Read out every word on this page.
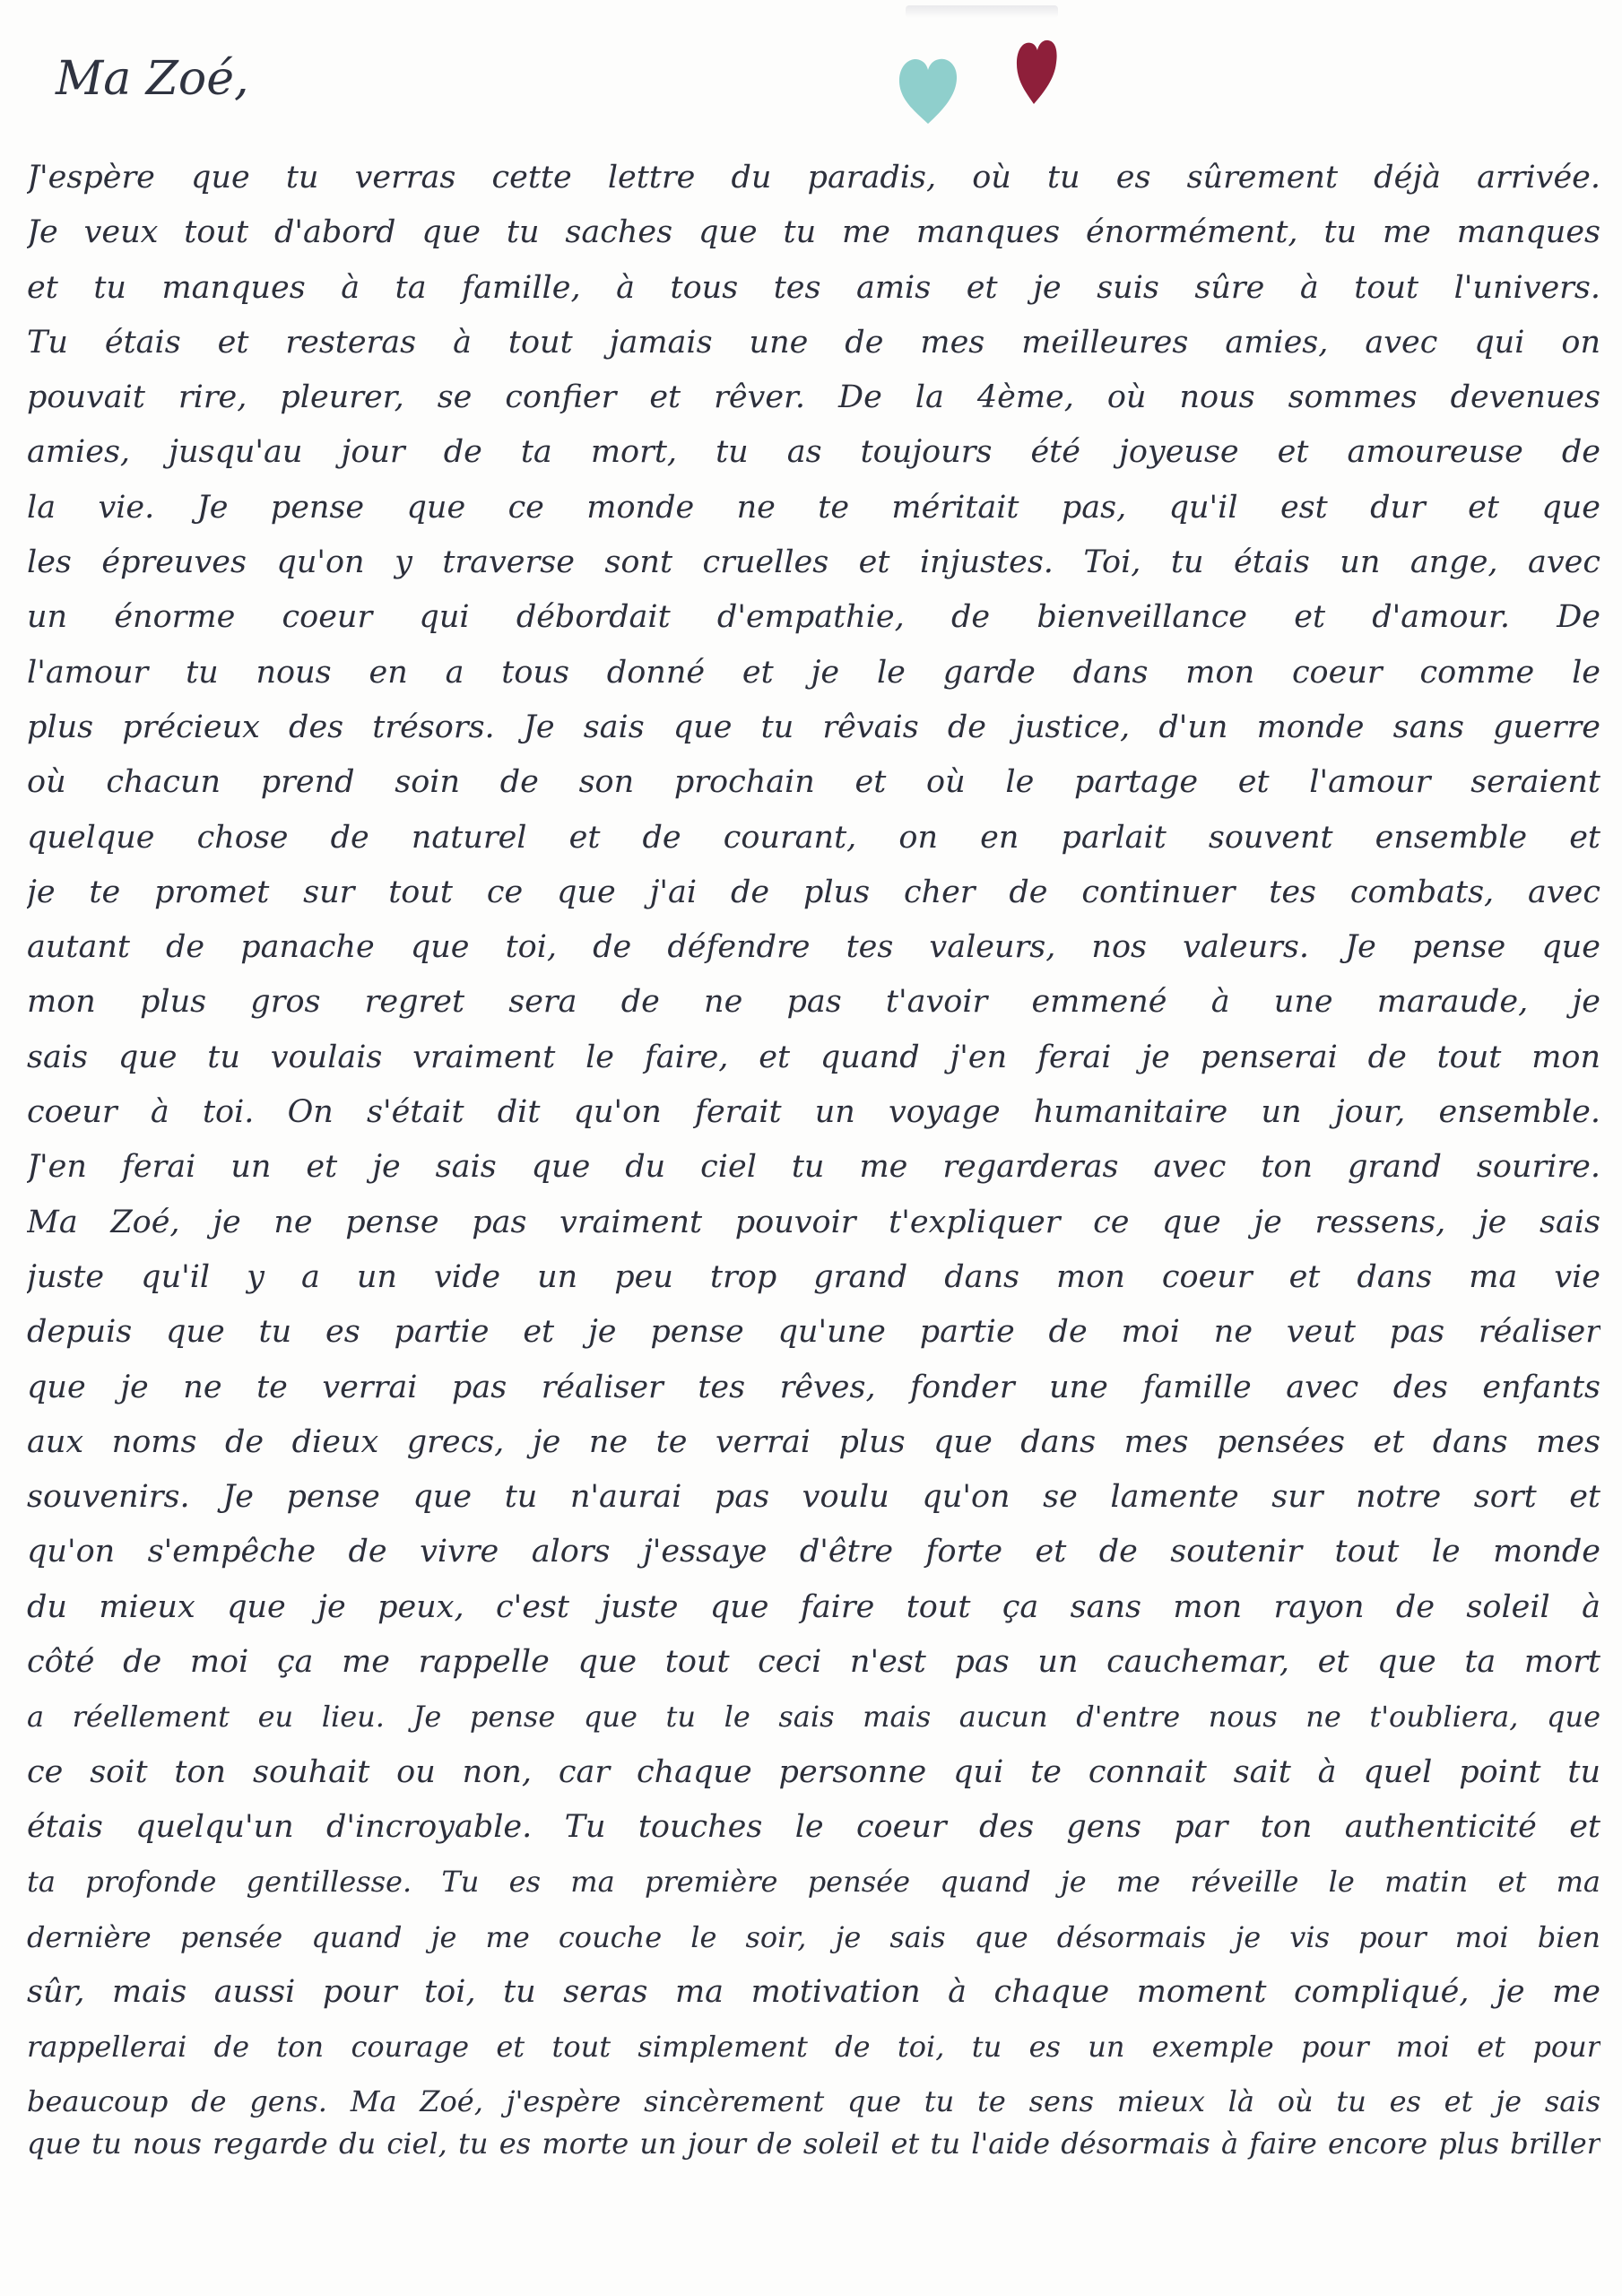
Ma Zoé,

J'espère que tu verras cette lettre du paradis, où tu es sûrement déjà arrivée.
Je veux tout d'abord que tu saches que tu me manques énormément, tu me manques
et tu manques à ta famille, à tous tes amis et je suis sûre à tout l'univers.
Tu étais et resteras à tout jamais une de mes meilleures amies, avec qui on
pouvait rire, pleurer, se confier et rêver. De la 4ème, où nous sommes devenues
amies, jusqu'au jour de ta mort, tu as toujours été joyeuse et amoureuse de
la vie. Je pense que ce monde ne te méritait pas, qu'il est dur et que
les épreuves qu'on y traverse sont cruelles et injustes. Toi, tu étais un ange, avec
un énorme coeur qui débordait d'empathie, de bienveillance et d'amour. De
l'amour tu nous en a tous donné et je le garde dans mon coeur comme le
plus précieux des trésors. Je sais que tu rêvais de justice, d'un monde sans guerre
où chacun prend soin de son prochain et où le partage et l'amour seraient
quelque chose de naturel et de courant, on en parlait souvent ensemble et
je te promet sur tout ce que j'ai de plus cher de continuer tes combats, avec
autant de panache que toi, de défendre tes valeurs, nos valeurs. Je pense que
mon plus gros regret sera de ne pas t'avoir emmené à une maraude, je
sais que tu voulais vraiment le faire, et quand j'en ferai je penserai de tout mon
coeur à toi. On s'était dit qu'on ferait un voyage humanitaire un jour, ensemble.
J'en ferai un et je sais que du ciel tu me regarderas avec ton grand sourire.
Ma Zoé, je ne pense pas vraiment pouvoir t'expliquer ce que je ressens, je sais
juste qu'il y a un vide un peu trop grand dans mon coeur et dans ma vie
depuis que tu es partie et je pense qu'une partie de moi ne veut pas réaliser
que je ne te verrai pas réaliser tes rêves, fonder une famille avec des enfants
aux noms de dieux grecs, je ne te verrai plus que dans mes pensées et dans mes
souvenirs. Je pense que tu n'aurai pas voulu qu'on se lamente sur notre sort et
qu'on s'empêche de vivre alors j'essaye d'être forte et de soutenir tout le monde
du mieux que je peux, c'est juste que faire tout ça sans mon rayon de soleil à
côté de moi ça me rappelle que tout ceci n'est pas un cauchemar, et que ta mort
a réellement eu lieu. Je pense que tu le sais mais aucun d'entre nous ne t'oubliera, que
ce soit ton souhait ou non, car chaque personne qui te connait sait à quel point tu
étais quelqu'un d'incroyable. Tu touches le coeur des gens par ton authenticité et
ta profonde gentillesse. Tu es ma première pensée quand je me réveille le matin et ma
dernière pensée quand je me couche le soir, je sais que désormais je vis pour moi bien
sûr, mais aussi pour toi, tu seras ma motivation à chaque moment compliqué, je me
rappellerai de ton courage et tout simplement de toi, tu es un exemple pour moi et pour
beaucoup de gens. Ma Zoé, j'espère sincèrement que tu te sens mieux là où tu es et je sais
que tu nous regarde du ciel, tu es morte un jour de soleil et tu l'aide désormais à faire encore plus briller
